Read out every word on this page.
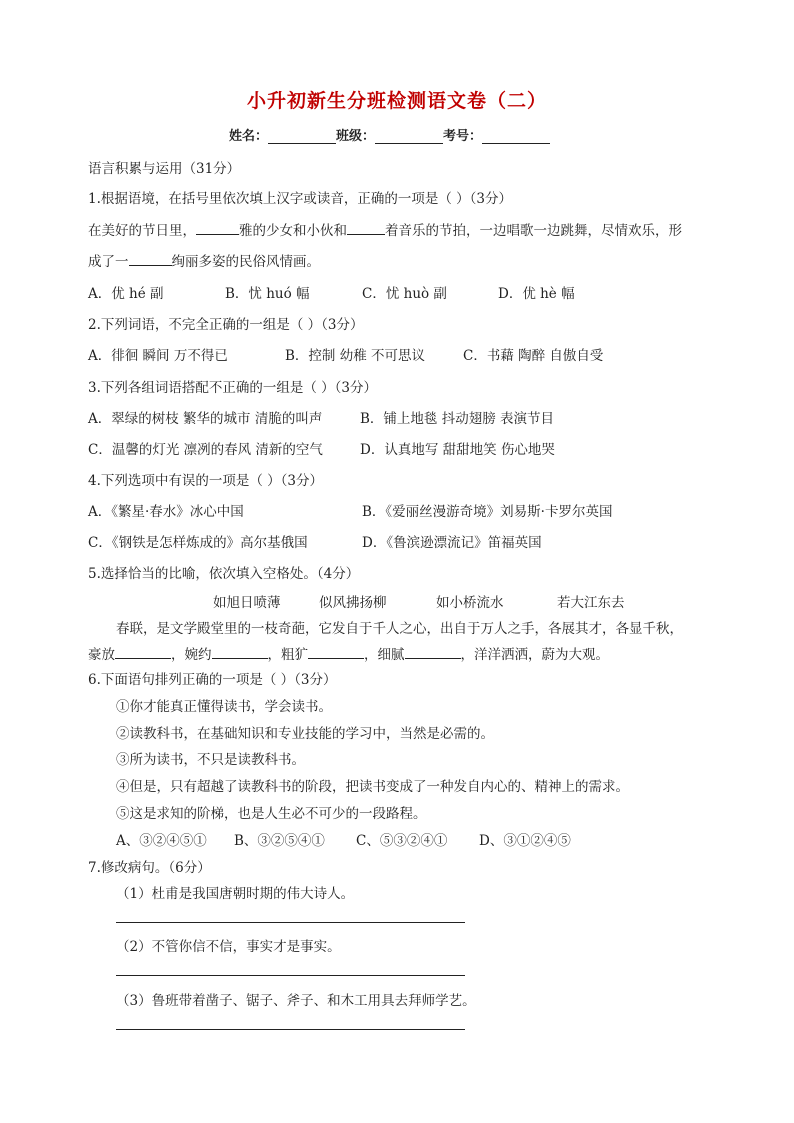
小升初新生分班检测语文卷（二）
姓名：	班级：	考号：
语言积累与运用（31分）
1.根据语境，在括号里依次填上汉字或读音，正确的一项是（ ）（3分）
在美好的节日里，	雅的少女和小伙和	着音乐的节拍，一边唱歌一边跳舞，尽情欢乐，形
成了一	绚丽多姿的民俗风情画。
A．优 hé 副	B．忧 huó 幅	C．忧 huò 副	D．优 hè 幅
2.下列词语，不完全正确的一组是（ ）（3分）
A．徘徊 瞬间 万不得已	B．控制 幼稚 不可思议	C．书藉 陶醉 自傲自受
3.下列各组词语搭配不正确的一组是（ ）（3分）
A．翠绿的树枝 繁华的城市 清脆的叫声	B．铺上地毯 抖动翅膀 表演节目
C．温馨的灯光 凛冽的春风 清新的空气	D．认真地写 甜甜地笑 伤心地哭
4.下列选项中有误的一项是（ ）（3分）
A．《繁星·春水》冰心中国	B．《爱丽丝漫游奇境》刘易斯·卡罗尔英国
C．《钢铁是怎样炼成的》高尔基俄国	D．《鲁滨逊漂流记》笛福英国
5.选择恰当的比喻，依次填入空格处。（4分）
如旭日喷薄	似风拂扬柳	如小桥流水	若大江东去
春联，是文学殿堂里的一枝奇葩，它发自于千人之心，出自于万人之手，各展其才，各显千秋，
豪放	，婉约	，粗犷	，细腻	，洋洋洒洒，蔚为大观。
6.下面语句排列正确的一项是（ ）（3分）
①你才能真正懂得读书，学会读书。
②读教科书，在基础知识和专业技能的学习中，当然是必需的。
③所为读书，不只是读教科书。
④但是，只有超越了读教科书的阶段，把读书变成了一种发自内心的、精神上的需求。
⑤这是求知的阶梯，也是人生必不可少的一段路程。
A、③②④⑤① B、③②⑤④① C、⑤③②④① D、③①②④⑤
7.修改病句。（6分）
（1）杜甫是我国唐朝时期的伟大诗人。
（2）不管你信不信，事实才是事实。
（3）鲁班带着凿子、锯子、斧子、和木工用具去拜师学艺。
